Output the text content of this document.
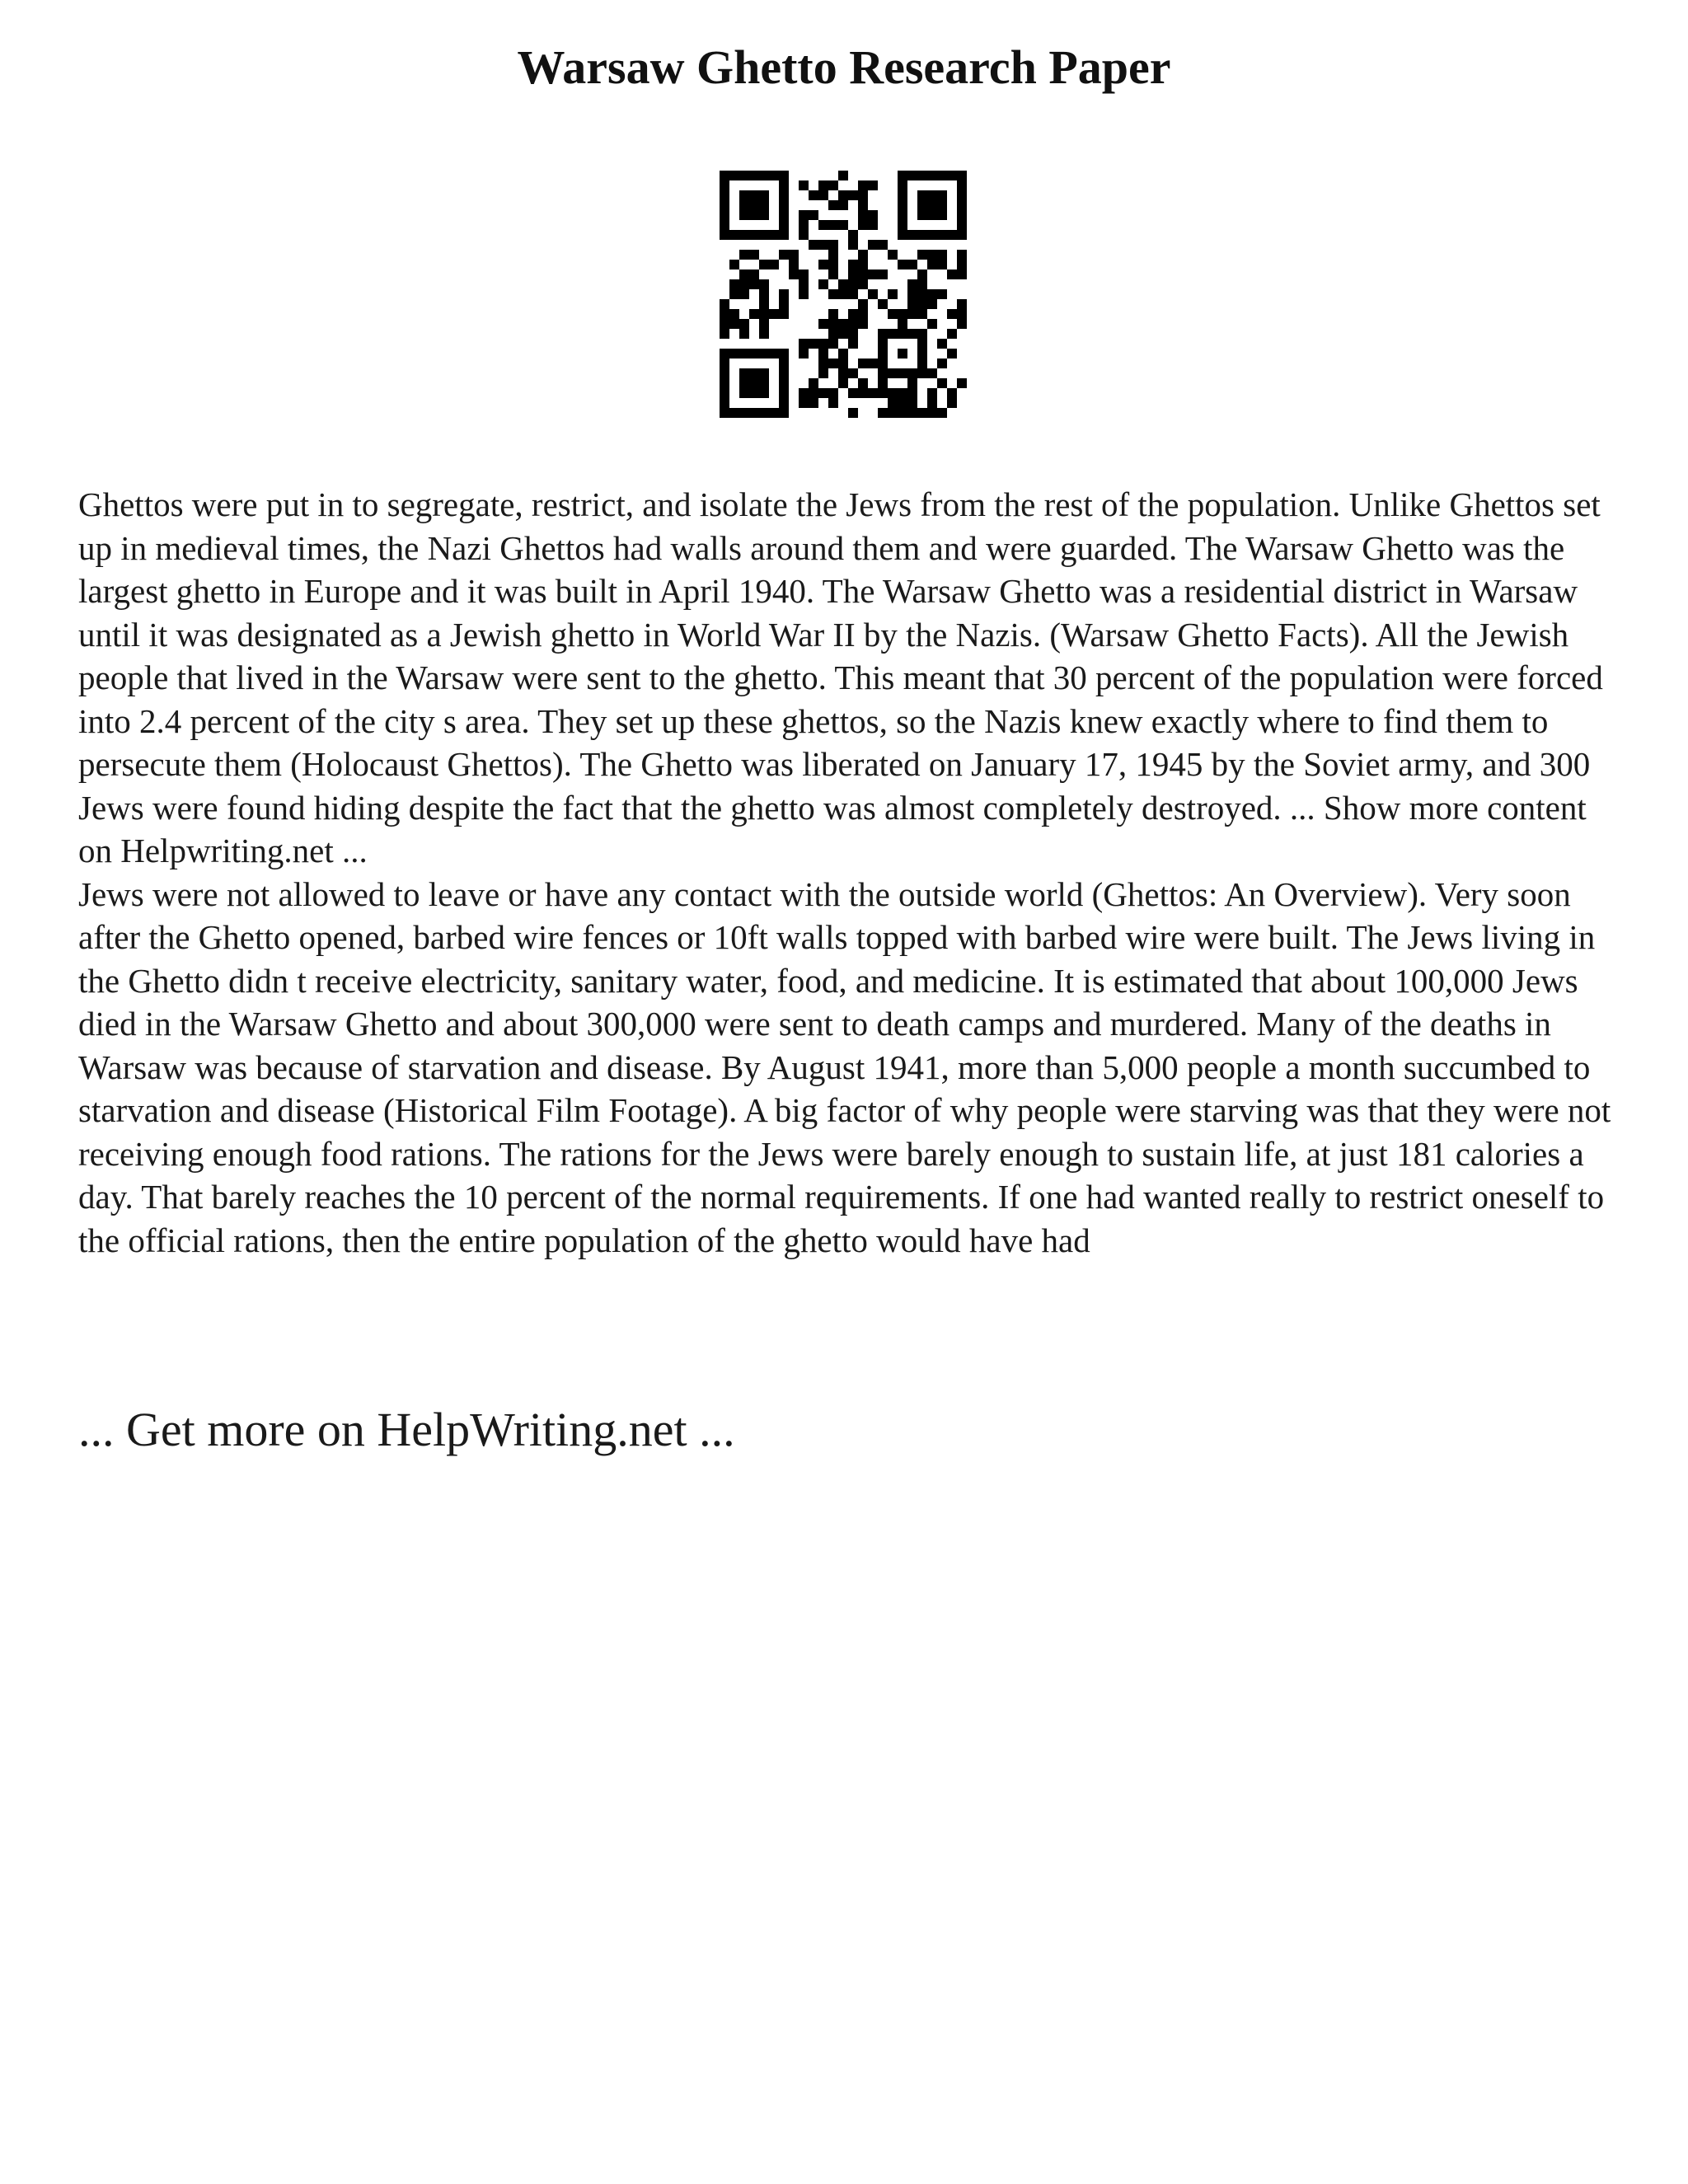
Warsaw Ghetto Research Paper

Ghettos were put in to segregate, restrict, and isolate the Jews from the rest of the population. Unlike Ghettos set up in medieval times, the Nazi Ghettos had walls around them and were guarded. The Warsaw Ghetto was the largest ghetto in Europe and it was built in April 1940. The Warsaw Ghetto was a residential district in Warsaw until it was designated as a Jewish ghetto in World War II by the Nazis. (Warsaw Ghetto Facts). All the Jewish people that lived in the Warsaw were sent to the ghetto. This meant that 30 percent of the population were forced into 2.4 percent of the city s area. They set up these ghettos, so the Nazis knew exactly where to find them to persecute them (Holocaust Ghettos). The Ghetto was liberated on January 17, 1945 by the Soviet army, and 300 Jews were found hiding despite the fact that the ghetto was almost completely destroyed. ... Show more content on Helpwriting.net ...

Jews were not allowed to leave or have any contact with the outside world (Ghettos: An Overview). Very soon after the Ghetto opened, barbed wire fences or 10ft walls topped with barbed wire were built. The Jews living in the Ghetto didn t receive electricity, sanitary water, food, and medicine. It is estimated that about 100,000 Jews died in the Warsaw Ghetto and about 300,000 were sent to death camps and murdered. Many of the deaths in Warsaw was because of starvation and disease. By August 1941, more than 5,000 people a month succumbed to starvation and disease (Historical Film Footage). A big factor of why people were starving was that they were not receiving enough food rations. The rations for the Jews were barely enough to sustain life, at just 181 calories a day. That barely reaches the 10 percent of the normal requirements. If one had wanted really to restrict oneself to the official rations, then the entire population of the ghetto would have had

... Get more on HelpWriting.net ...
